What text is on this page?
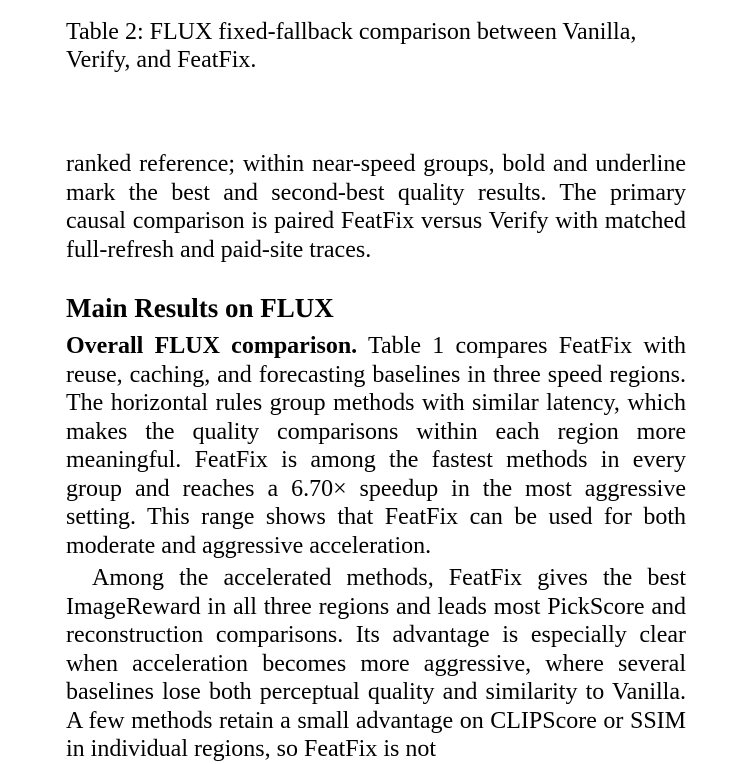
Table 2: FLUX fixed-fallback comparison between Vanilla, Verify, and FeatFix.

ranked reference; within near-speed groups, bold and underline mark the best and second-best quality results. The primary causal comparison is paired FeatFix versus Verify with matched full-refresh and paid-site traces.

Main Results on FLUX

Overall FLUX comparison. Table 1 compares FeatFix with reuse, caching, and forecasting baselines in three speed regions. The horizontal rules group methods with similar latency, which makes the quality comparisons within each region more meaningful. FeatFix is among the fastest methods in every group and reaches a 6.70× speedup in the most aggressive setting. This range shows that FeatFix can be used for both moderate and aggressive acceleration.

Among the accelerated methods, FeatFix gives the best ImageReward in all three regions and leads most PickScore and reconstruction comparisons. Its advantage is especially clear when acceleration becomes more aggressive, where several baselines lose both perceptual quality and similarity to Vanilla. A few methods retain a small advantage on CLIPScore or SSIM in individual regions, so FeatFix is not
